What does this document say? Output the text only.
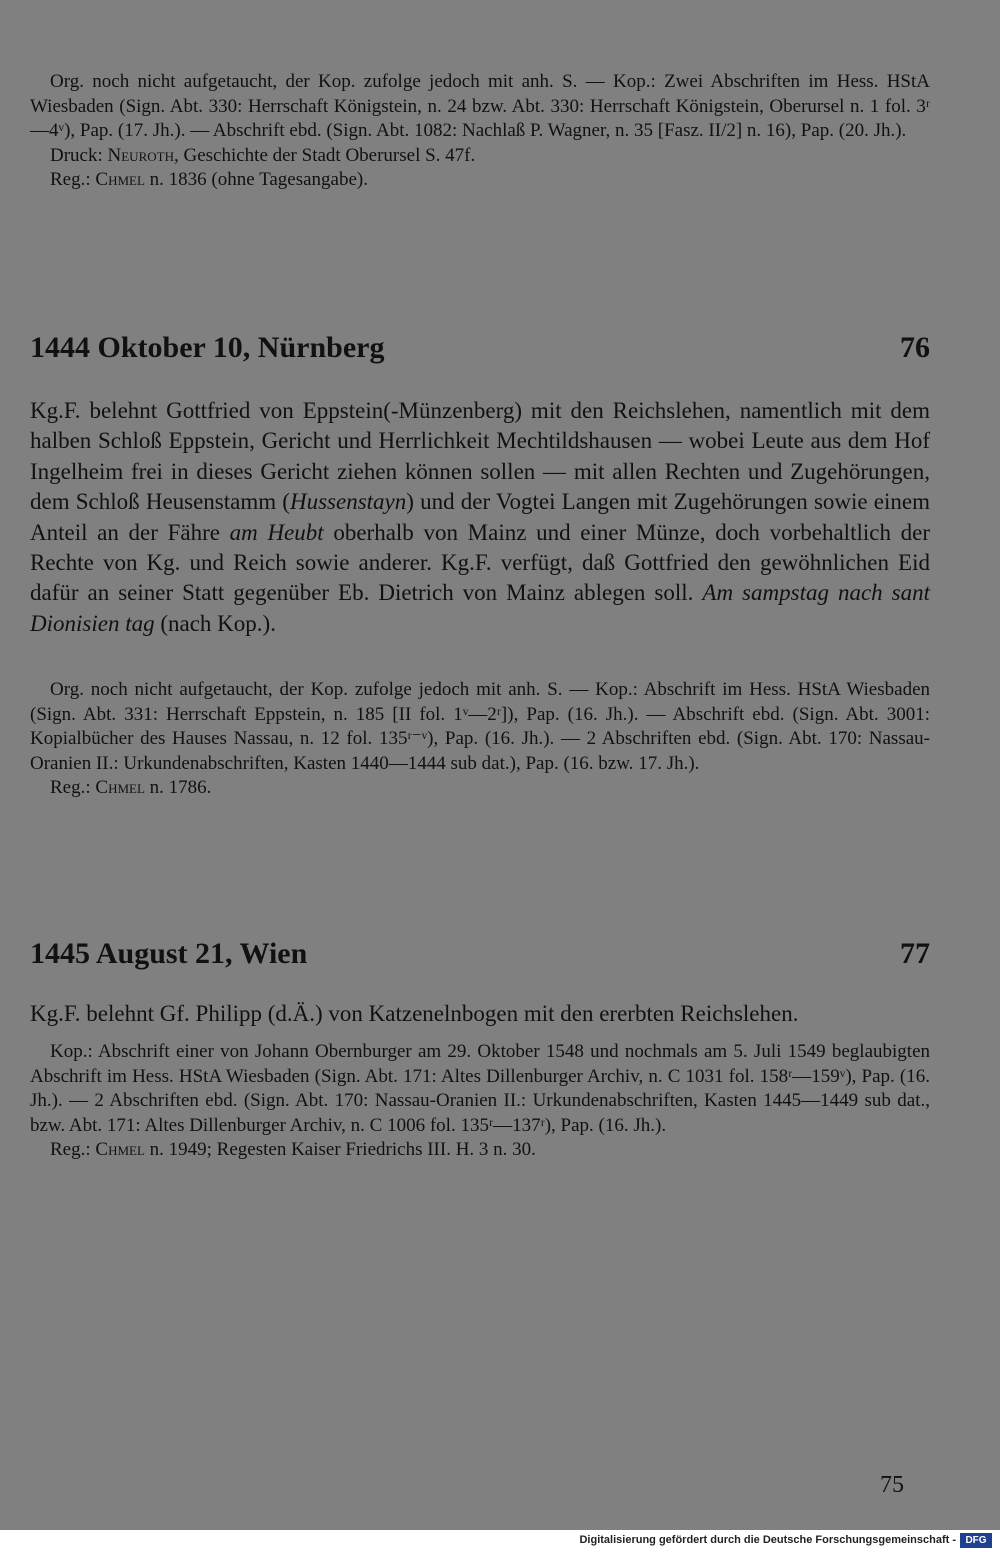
Org. noch nicht aufgetaucht, der Kop. zufolge jedoch mit anh. S. — Kop.: Zwei Abschriften im Hess. HStA Wiesbaden (Sign. Abt. 330: Herrschaft Königstein, n. 24 bzw. Abt. 330: Herrschaft Königstein, Oberursel n. 1 fol. 3ʳ—4ᵛ), Pap. (17. Jh.). — Abschrift ebd. (Sign. Abt. 1082: Nachlaß P. Wagner, n. 35 [Fasz. II/2] n. 16), Pap. (20. Jh.).

Druck: Neuroth, Geschichte der Stadt Oberursel S. 47f.

Reg.: Chmel n. 1836 (ohne Tagesangabe).

1444 Oktober 10, Nürnberg	76

Kg.F. belehnt Gottfried von Eppstein(-Münzenberg) mit den Reichslehen, namentlich mit dem halben Schloß Eppstein, Gericht und Herrlichkeit Mechtildshausen — wobei Leute aus dem Hof Ingelheim frei in dieses Gericht ziehen können sollen — mit allen Rechten und Zugehörungen, dem Schloß Heusenstamm (Hussenstayn) und der Vogtei Langen mit Zugehörungen sowie einem Anteil an der Fähre am Heubt oberhalb von Mainz und einer Münze, doch vorbehaltlich der Rechte von Kg. und Reich sowie anderer. Kg.F. verfügt, daß Gottfried den gewöhnlichen Eid dafür an seiner Statt gegenüber Eb. Dietrich von Mainz ablegen soll. Am sampstag nach sant Dionisien tag (nach Kop.).

Org. noch nicht aufgetaucht, der Kop. zufolge jedoch mit anh. S. — Kop.: Abschrift im Hess. HStA Wiesbaden (Sign. Abt. 331: Herrschaft Eppstein, n. 185 [II fol. 1ᵛ—2ʳ]), Pap. (16. Jh.). — Abschrift ebd. (Sign. Abt. 3001: Kopialbücher des Hauses Nassau, n. 12 fol. 135ʳ⁻ᵛ), Pap. (16. Jh.). — 2 Abschriften ebd. (Sign. Abt. 170: Nassau-Oranien II.: Urkundenabschriften, Kasten 1440—1444 sub dat.), Pap. (16. bzw. 17. Jh.).

Reg.: Chmel n. 1786.

1445 August 21, Wien	77

Kg.F. belehnt Gf. Philipp (d.Ä.) von Katzenelnbogen mit den ererbten Reichslehen.

Kop.: Abschrift einer von Johann Obernburger am 29. Oktober 1548 und nochmals am 5. Juli 1549 beglaubigten Abschrift im Hess. HStA Wiesbaden (Sign. Abt. 171: Altes Dillenburger Archiv, n. C 1031 fol. 158ʳ—159ᵛ), Pap. (16. Jh.). — 2 Abschriften ebd. (Sign. Abt. 170: Nassau-Oranien II.: Urkundenabschriften, Kasten 1445—1449 sub dat., bzw. Abt. 171: Altes Dillenburger Archiv, n. C 1006 fol. 135ʳ—137ʳ), Pap. (16. Jh.).

Reg.: Chmel n. 1949; Regesten Kaiser Friedrichs III. H. 3 n. 30.

75
Digitalisierung gefördert durch die Deutsche Forschungsgemeinschaft - DFG
